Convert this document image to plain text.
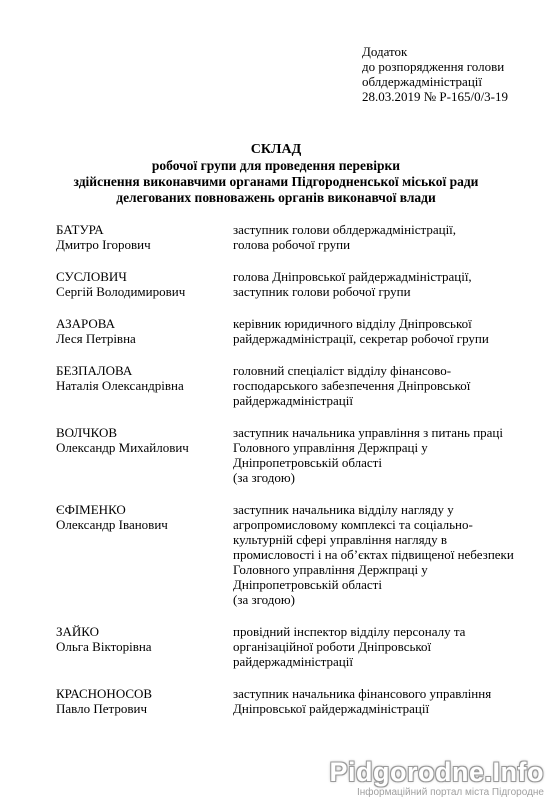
Додаток
до розпорядження голови
облдержадміністрації
28.03.2019 № Р-165/0/3-19
СКЛАД
робочої групи для проведення перевірки
здійснення виконавчими органами Підгородненської міської ради
делегованих повноважень органів виконавчої влади
БАТУРА
Дмитро Ігорович
заступник голови облдержадміністрації,
голова робочої групи
СУСЛОВИЧ
Сергій Володимирович
голова Дніпровської райдержадміністрації,
заступник голови робочої групи
АЗАРОВА
Леся Петрівна
керівник юридичного відділу Дніпровської
райдержадміністрації, секретар робочої групи
БЕЗПАЛОВА
Наталія Олександрівна
головний спеціаліст відділу фінансово-
господарського забезпечення Дніпровської
райдержадміністрації
ВОЛЧКОВ
Олександр Михайлович
заступник начальника управління з питань праці
Головного управління Держпраці у
Дніпропетровській області
(за згодою)
ЄФІМЕНКО
Олександр Іванович
заступник начальника відділу нагляду у
агропромисловому комплексі та соціально-
культурній сфері управління нагляду в
промисловості і на об’єктах підвищеної небезпеки
Головного управління Держпраці у
Дніпропетровській області
(за згодою)
ЗАЙКО
Ольга Вікторівна
провідний інспектор відділу персоналу та
організаційної роботи Дніпровської
райдержадміністрації
КРАСНОНОСОВ
Павло Петрович
заступник начальника фінансового управління
Дніпровської райдержадміністрації
Pidgorodne.Info
Інформаційний портал міста Підгородне
